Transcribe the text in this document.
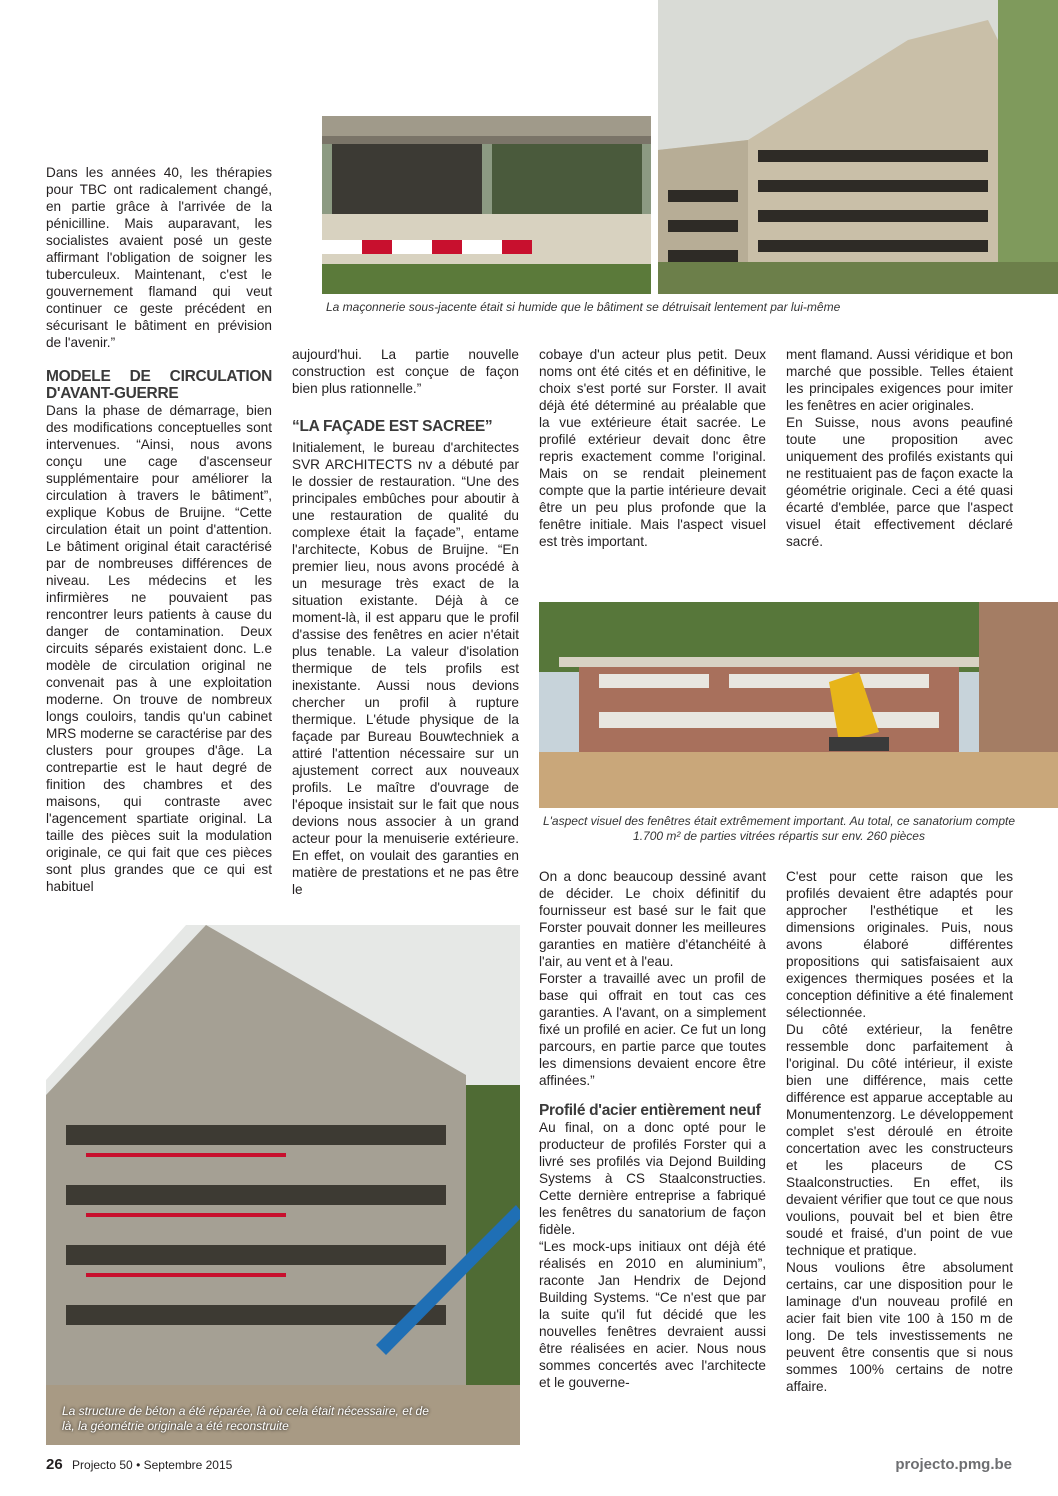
La maçonnerie sous-jacente était si humide que le bâtiment se détruisait lentement par lui-même

Dans les années 40, les thérapies pour TBC ont radicalement changé, en partie grâce à l'arrivée de la pénicilline. Mais auparavant, les socialistes avaient posé un geste affirmant l'obligation de soigner les tuberculeux. Maintenant, c'est le gouvernement flamand qui veut continuer ce geste précédent en sécurisant le bâtiment en prévision de l'avenir.”

MODELE DE CIRCULATION D'AVANT-GUERRE

Dans la phase de démarrage, bien des modifications conceptuelles sont intervenues. “Ainsi, nous avons conçu une cage d'ascenseur supplémentaire pour améliorer la circulation à travers le bâtiment”, explique Kobus de Bruijne. “Cette circulation était un point d'attention. Le bâtiment original était caractérisé par de nombreuses différences de niveau. Les médecins et les infirmières ne pouvaient pas rencontrer leurs patients à cause du danger de contamination. Deux circuits séparés existaient donc. L.e modèle de circulation original ne convenait pas à une exploitation moderne. On trouve de nombreux longs couloirs, tandis qu'un cabinet MRS moderne se caractérise par des clusters pour groupes d'âge. La contrepartie est le haut degré de finition des chambres et des maisons, qui contraste avec l'agencement spartiate original. La taille des pièces suit la modulation originale, ce qui fait que ces pièces sont plus grandes que ce qui est habituel

aujourd'hui. La partie nouvelle construction est conçue de façon bien plus rationnelle.”

“LA FAÇADE EST SACREE”

Initialement, le bureau d'architectes SVR ARCHITECTS nv a débuté par le dossier de restauration. “Une des principales embûches pour aboutir à une restauration de qualité du complexe était la façade”, entame l'architecte, Kobus de Bruijne. “En premier lieu, nous avons procédé à un mesurage très exact de la situation existante. Déjà à ce moment-là, il est apparu que le profil d'assise des fenêtres en acier n'était plus tenable. La valeur d'isolation thermique de tels profils est inexistante. Aussi nous devions chercher un profil à rupture thermique. L'étude physique de la façade par Bureau Bouwtechniek a attiré l'attention nécessaire sur un ajustement correct aux nouveaux profils. Le maître d'ouvrage de l'époque insistait sur le fait que nous devions nous associer à un grand acteur pour la menuiserie extérieure. En effet, on voulait des garanties en matière de prestations et ne pas être le

cobaye d'un acteur plus petit. Deux noms ont été cités et en définitive, le choix s'est porté sur Forster. Il avait déjà été déterminé au préalable que la vue extérieure était sacrée. Le profilé extérieur devait donc être repris exactement comme l'original. Mais on se rendait pleinement compte que la partie intérieure devait être un peu plus profonde que la fenêtre initiale. Mais l'aspect visuel est très important.

ment flamand. Aussi véridique et bon marché que possible. Telles étaient les principales exigences pour imiter les fenêtres en acier originales.

En Suisse, nous avons peaufiné toute une proposition avec uniquement des profilés existants qui ne restituaient pas de façon exacte la géométrie originale. Ceci a été quasi écarté d'emblée, parce que l'aspect visuel était effectivement déclaré sacré.

L'aspect visuel des fenêtres était extrêmement important. Au total, ce sanatorium compte 1.700 m² de parties vitrées répartis sur env. 260 pièces

On a donc beaucoup dessiné avant de décider. Le choix définitif du fournisseur est basé sur le fait que Forster pouvait donner les meilleures garanties en matière d'étanchéité à l'air, au vent et à l'eau.

Forster a travaillé avec un profil de base qui offrait en tout cas ces garanties. A l'avant, on a simplement fixé un profilé en acier. Ce fut un long parcours, en partie parce que toutes les dimensions devaient encore être affinées.”

Profilé d'acier entièrement neuf

Au final, on a donc opté pour le producteur de profilés Forster qui a livré ses profilés via Dejond Building Systems à CS Staalconstructies. Cette dernière entreprise a fabriqué les fenêtres du sanatorium de façon fidèle.

“Les mock-ups initiaux ont déjà été réalisés en 2010 en aluminium”, raconte Jan Hendrix de Dejond Building Systems. “Ce n'est que par la suite qu'il fut décidé que les nouvelles fenêtres devraient aussi être réalisées en acier. Nous nous sommes concertés avec l'architecte et le gouverne-

C'est pour cette raison que les profilés devaient être adaptés pour approcher l'esthétique et les dimensions originales. Puis, nous avons élaboré différentes propositions qui satisfaisaient aux exigences thermiques posées et la conception définitive a été finalement sélectionnée.

Du côté extérieur, la fenêtre ressemble donc parfaitement à l'original. Du côté intérieur, il existe bien une différence, mais cette différence est apparue acceptable au Monumentenzorg. Le développement complet s'est déroulé en étroite concertation avec les constructeurs et les placeurs de CS Staalconstructies. En effet, ils devaient vérifier que tout ce que nous voulions, pouvait bel et bien être soudé et fraisé, d'un point de vue technique et pratique.

Nous voulions être absolument certains, car une disposition pour le laminage d'un nouveau profilé en acier fait bien vite 100 à 150 m de long. De tels investissements ne peuvent être consentis que si nous sommes 100% certains de notre affaire.

La structure de béton a été réparée, là où cela était nécessaire, et de là, la géométrie originale a été reconstruite
26 Projecto 50 • Septembre 2015	projecto.pmg.be
